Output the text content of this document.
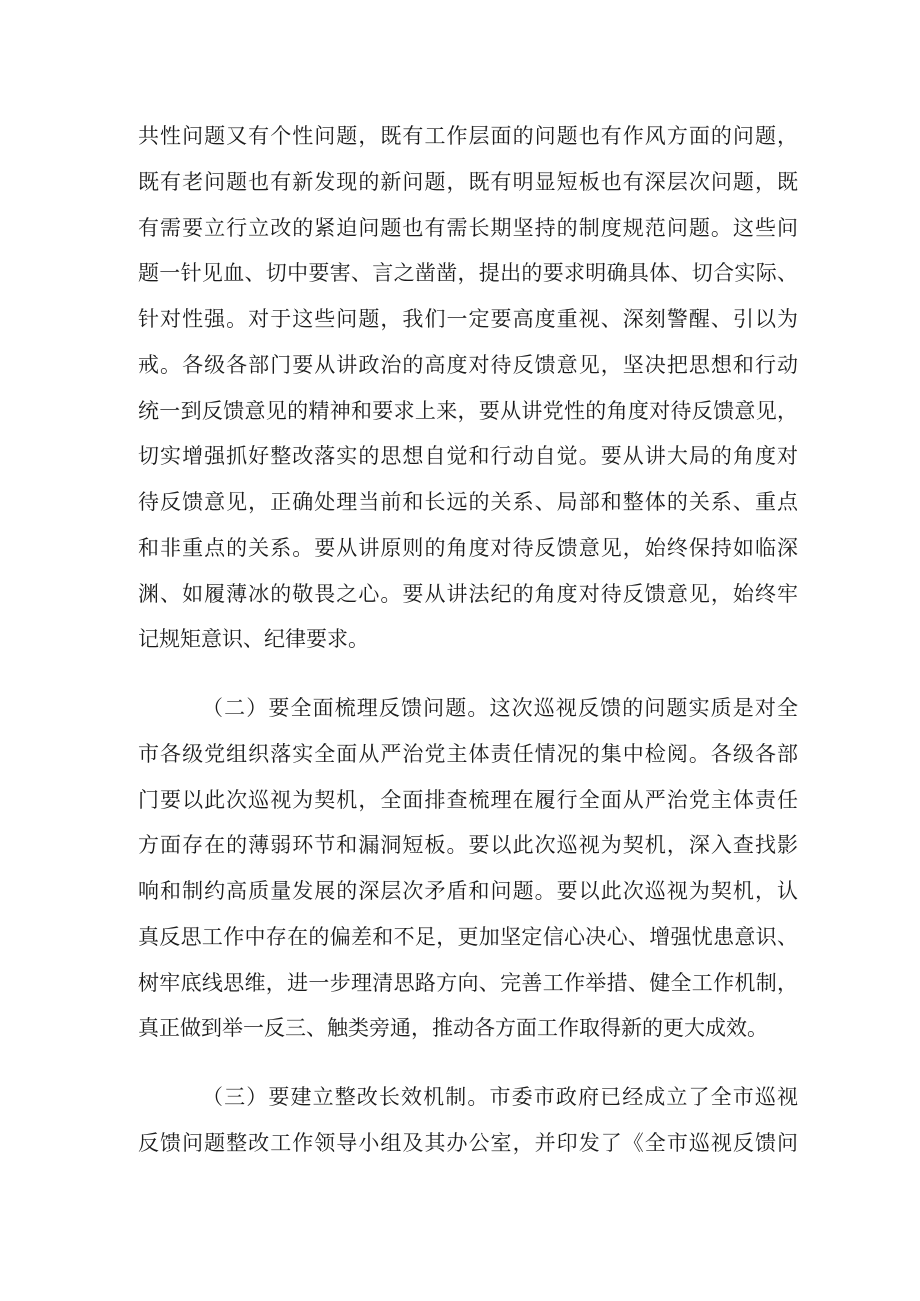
共性问题又有个性问题，既有工作层面的问题也有作风方面的问题，
既有老问题也有新发现的新问题，既有明显短板也有深层次问题，既
有需要立行立改的紧迫问题也有需长期坚持的制度规范问题。这些问
题一针见血、切中要害、言之凿凿，提出的要求明确具体、切合实际、
针对性强。对于这些问题，我们一定要高度重视、深刻警醒、引以为
戒。各级各部门要从讲政治的高度对待反馈意见，坚决把思想和行动
统一到反馈意见的精神和要求上来，要从讲党性的角度对待反馈意见，
切实增强抓好整改落实的思想自觉和行动自觉。要从讲大局的角度对
待反馈意见，正确处理当前和长远的关系、局部和整体的关系、重点
和非重点的关系。要从讲原则的角度对待反馈意见，始终保持如临深
渊、如履薄冰的敬畏之心。要从讲法纪的角度对待反馈意见，始终牢
记规矩意识、纪律要求。
（二）要全面梳理反馈问题。这次巡视反馈的问题实质是对全
市各级党组织落实全面从严治党主体责任情况的集中检阅。各级各部
门要以此次巡视为契机，全面排查梳理在履行全面从严治党主体责任
方面存在的薄弱环节和漏洞短板。要以此次巡视为契机，深入查找影
响和制约高质量发展的深层次矛盾和问题。要以此次巡视为契机，认
真反思工作中存在的偏差和不足，更加坚定信心决心、增强忧患意识、
树牢底线思维，进一步理清思路方向、完善工作举措、健全工作机制，
真正做到举一反三、触类旁通，推动各方面工作取得新的更大成效。
（三）要建立整改长效机制。市委市政府已经成立了全市巡视
反馈问题整改工作领导小组及其办公室，并印发了《全市巡视反馈问
